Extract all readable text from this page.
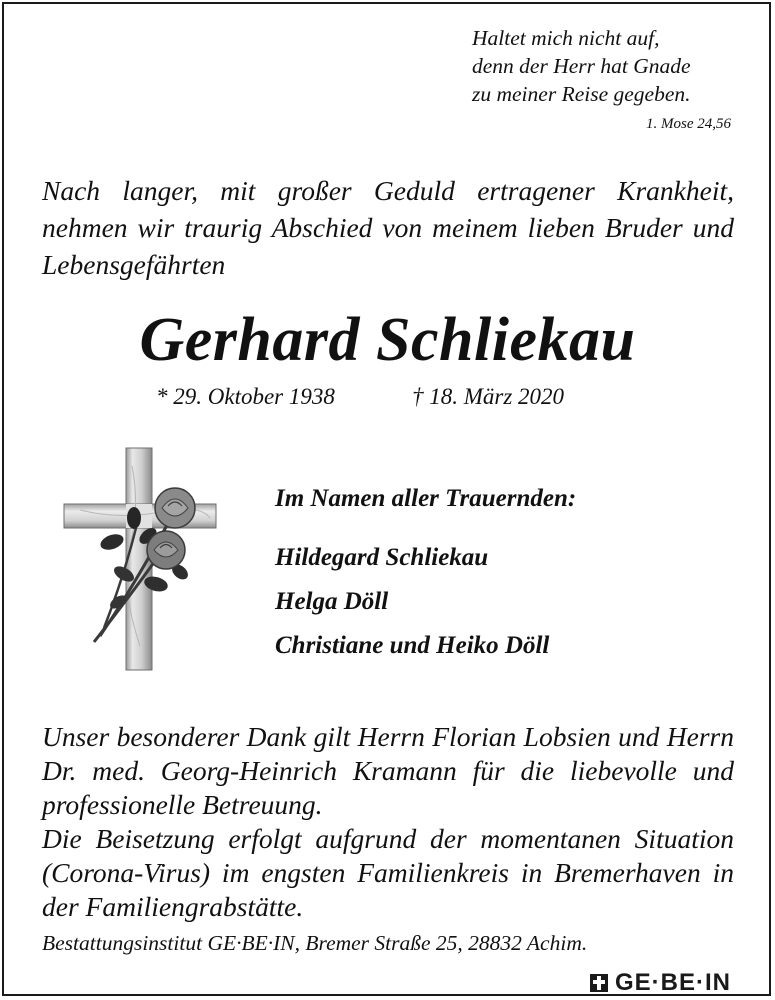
Haltet mich nicht auf,
denn der Herr hat Gnade
zu meiner Reise gegeben.
1. Mose 24,56
Nach langer, mit großer Geduld ertragener Krankheit, nehmen wir traurig Abschied von meinem lieben Bruder und Lebensgefährten
Gerhard Schliekau
* 29. Oktober 1938	† 18. März 2020
Im Namen aller Trauernden:
Hildegard Schliekau
Helga Döll
Christiane und Heiko Döll
Unser besonderer Dank gilt Herrn Florian Lobsien und Herrn Dr. med. Georg-Heinrich Kramann für die liebevolle und professionelle Betreuung.
Die Beisetzung erfolgt aufgrund der momentanen Situation (Corona-Virus) im engsten Familienkreis in Bremerhaven in der Familiengrabstätte.
Bestattungsinstitut GE·BE·IN, Bremer Straße 25, 28832 Achim.
GE·BE·IN
